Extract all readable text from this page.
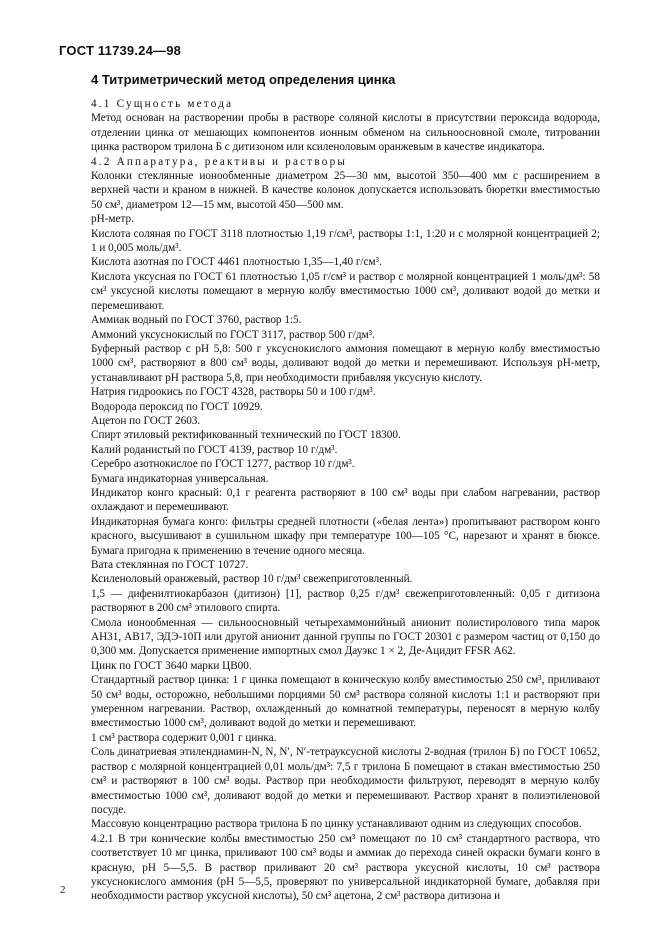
ГОСТ 11739.24—98
4 Титриметрический метод определения цинка

4.1 Сущность метода

Метод основан на растворении пробы в растворе соляной кислоты в присутствии пероксида водорода, отделении цинка от мешающих компонентов ионным обменом на сильноосновной смоле, титровании цинка раствором трилона Б с дитизоном или ксиленоловым оранжевым в качестве индикатора.

4.2 Аппаратура, реактивы и растворы

Колонки стеклянные ионообменные диаметром 25—30 мм, высотой 350—400 мм с расширением в верхней части и краном в нижней. В качестве колонок допускается использовать бюретки вместимостью 50 см³, диаметром 12—15 мм, высотой 450—500 мм.

рН-метр.

Кислота соляная по ГОСТ 3118 плотностью 1,19 г/см³, растворы 1:1, 1:20 и с молярной концентрацией 2; 1 и 0,005 моль/дм³.

Кислота азотная по ГОСТ 4461 плотностью 1,35—1,40 г/см³.

Кислота уксусная по ГОСТ 61 плотностью 1,05 г/см³ и раствор с молярной концентрацией 1 моль/дм³: 58 см³ уксусной кислоты помещают в мерную колбу вместимостью 1000 см³, доливают водой до метки и перемешивают.

Аммиак водный по ГОСТ 3760, раствор 1:5.

Аммоний уксуснокислый по ГОСТ 3117, раствор 500 г/дм³.

Буферный раствор с рН 5,8: 500 г уксуснокислого аммония помещают в мерную колбу вместимостью 1000 см³, растворяют в 800 см³ воды, доливают водой до метки и перемешивают. Используя рН-метр, устанавливают рН раствора 5,8, при необходимости прибавляя уксусную кислоту.

Натрия гидроокись по ГОСТ 4328, растворы 50 и 100 г/дм³.

Водорода пероксид по ГОСТ 10929.

Ацетон по ГОСТ 2603.

Спирт этиловый ректификованный технический по ГОСТ 18300.

Калий роданистый по ГОСТ 4139, раствор 10 г/дм³.

Серебро азотнокислое по ГОСТ 1277, раствор 10 г/дм³.

Бумага индикаторная универсальная.

Индикатор конго красный: 0,1 г реагента растворяют в 100 см³ воды при слабом нагревании, раствор охлаждают и перемешивают.

Индикаторная бумага конго: фильтры средней плотности («белая лента») пропитывают раствором конго красного, высушивают в сушильном шкафу при температуре 100—105 °С, нарезают и хранят в бюксе. Бумага пригодна к применению в течение одного месяца.

Вата стеклянная по ГОСТ 10727.

Ксиленоловый оранжевый, раствор 10 г/дм³ свежеприготовленный.

1,5 — дифенилтиокарбазон (дитизон) [1], раствор 0,25 г/дм³ свежеприготовленный: 0,05 г дитизона растворяют в 200 см³ этилового спирта.

Смола ионообменная — сильноосновный четырехаммонийный анионит полистиролового типа марок АН31, АВ17, ЭДЭ-10П или другой анионит данной группы по ГОСТ 20301 с размером частиц от 0,150 до 0,300 мм. Допускается применение импортных смол Дауэкс 1 × 2, Де-Ацидит FFSR А62.

Цинк по ГОСТ 3640 марки ЦВ00.

Стандартный раствор цинка: 1 г цинка помещают в коническую колбу вместимостью 250 см³, приливают 50 см³ воды, осторожно, небольшими порциями 50 см³ раствора соляной кислоты 1:1 и растворяют при умеренном нагревании. Раствор, охлажденный до комнатной температуры, переносят в мерную колбу вместимостью 1000 см³, доливают водой до метки и перемешивают.

1 см³ раствора содержит 0,001 г цинка.

Соль динатриевая этилендиамин-N, N, N′, N′-тетрауксусной кислоты 2-водная (трилон Б) по ГОСТ 10652, раствор с молярной концентрацией 0,01 моль/дм³: 7,5 г трилона Б помещают в стакан вместимостью 250 см³ и растворяют в 100 см³ воды. Раствор при необходимости фильтруют, переводят в мерную колбу вместимостью 1000 см³, доливают водой до метки и перемешивают. Раствор хранят в полиэтиленовой посуде.

Массовую концентрацию раствора трилона Б по цинку устанавливают одним из следующих способов.

4.2.1 В три конические колбы вместимостью 250 см³ помещают по 10 см³ стандартного раствора, что соответствует 10 мг цинка, приливают 100 см³ воды и аммиак до перехода синей окраски бумаги конго в красную, рН 5—5,5. В раствор приливают 20 см³ раствора уксусной кислоты, 10 см³ раствора уксуснокислого аммония (рН 5—5,5, проверяют по универсальной индикаторной бумаге, добавляя при необходимости раствор уксусной кислоты), 50 см³ ацетона, 2 см³ раствора дитизона и

2
